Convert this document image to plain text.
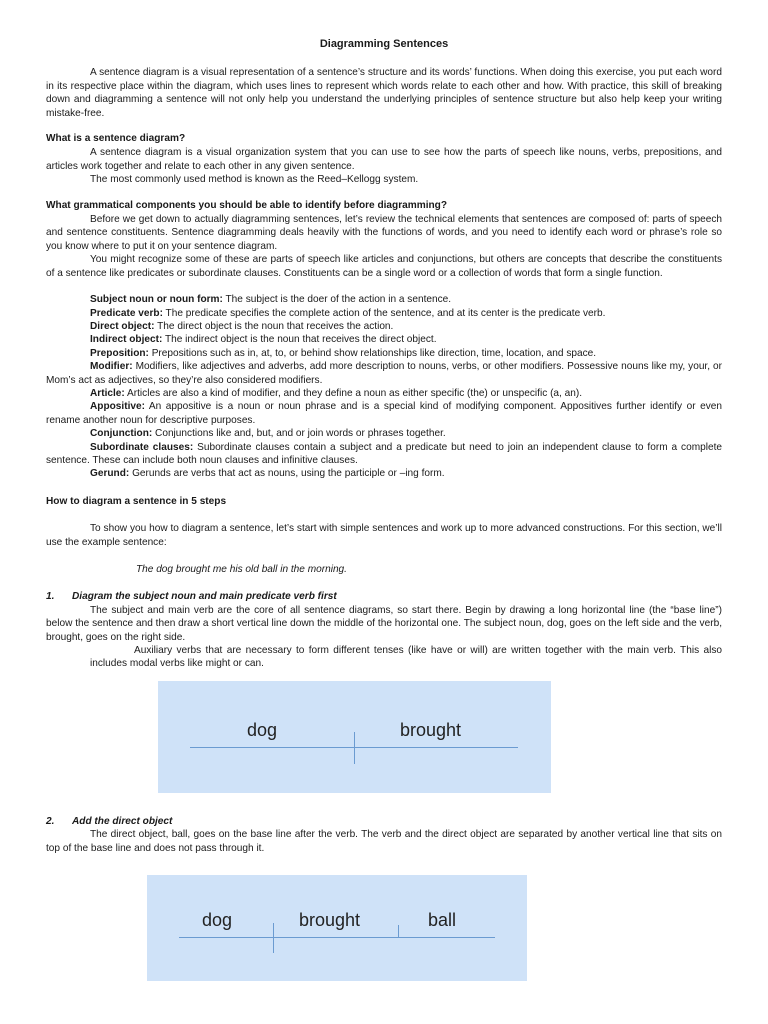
Diagramming Sentences

A sentence diagram is a visual representation of a sentence’s structure and its words’ functions. When doing this exercise, you put each word in its respective place within the diagram, which uses lines to represent which words relate to each other and how. With practice, this skill of breaking down and diagramming a sentence will not only help you understand the underlying principles of sentence structure but also help keep your writing mistake-free.

What is a sentence diagram?

A sentence diagram is a visual organization system that you can use to see how the parts of speech like nouns, verbs, prepositions, and articles work together and relate to each other in any given sentence.

The most commonly used method is known as the Reed–Kellogg system.

What grammatical components you should be able to identify before diagramming?

Before we get down to actually diagramming sentences, let’s review the technical elements that sentences are composed of: parts of speech and sentence constituents. Sentence diagramming deals heavily with the functions of words, and you need to identify each word or phrase’s role so you know where to put it on your sentence diagram.

You might recognize some of these are parts of speech like articles and conjunctions, but others are concepts that describe the constituents of a sentence like predicates or subordinate clauses. Constituents can be a single word or a collection of words that form a single function.

Subject noun or noun form: The subject is the doer of the action in a sentence.

Predicate verb: The predicate specifies the complete action of the sentence, and at its center is the predicate verb.

Direct object: The direct object is the noun that receives the action.

Indirect object: The indirect object is the noun that receives the direct object.

Preposition: Prepositions such as in, at, to, or behind show relationships like direction, time, location, and space.

Modifier: Modifiers, like adjectives and adverbs, add more description to nouns, verbs, or other modifiers. Possessive nouns like my, your, or Mom’s act as adjectives, so they’re also considered modifiers.

Article: Articles are also a kind of modifier, and they define a noun as either specific (the) or unspecific (a, an).

Appositive: An appositive is a noun or noun phrase and is a special kind of modifying component. Appositives further identify or even rename another noun for descriptive purposes.

Conjunction: Conjunctions like and, but, and or join words or phrases together.

Subordinate clauses: Subordinate clauses contain a subject and a predicate but need to join an independent clause to form a complete sentence. These can include both noun clauses and infinitive clauses.

Gerund: Gerunds are verbs that act as nouns, using the participle or –ing form.

How to diagram a sentence in 5 steps

To show you how to diagram a sentence, let’s start with simple sentences and work up to more advanced constructions. For this section, we’ll use the example sentence:

The dog brought me his old ball in the morning.
1.	Diagram the subject noun and main predicate verb first

The subject and main verb are the core of all sentence diagrams, so start there. Begin by drawing a long horizontal line (the “base line”) below the sentence and then draw a short vertical line down the middle of the horizontal one. The subject noun, dog, goes on the left side and the verb, brought, goes on the right side.

Auxiliary verbs that are necessary to form different tenses (like have or will) are written together with the main verb. This also includes modal verbs like might or can.

dog	brought
2.	Add the direct object

The direct object, ball, goes on the base line after the verb. The verb and the direct object are separated by another vertical line that sits on top of the base line and does not pass through it.

dog	brought	ball
